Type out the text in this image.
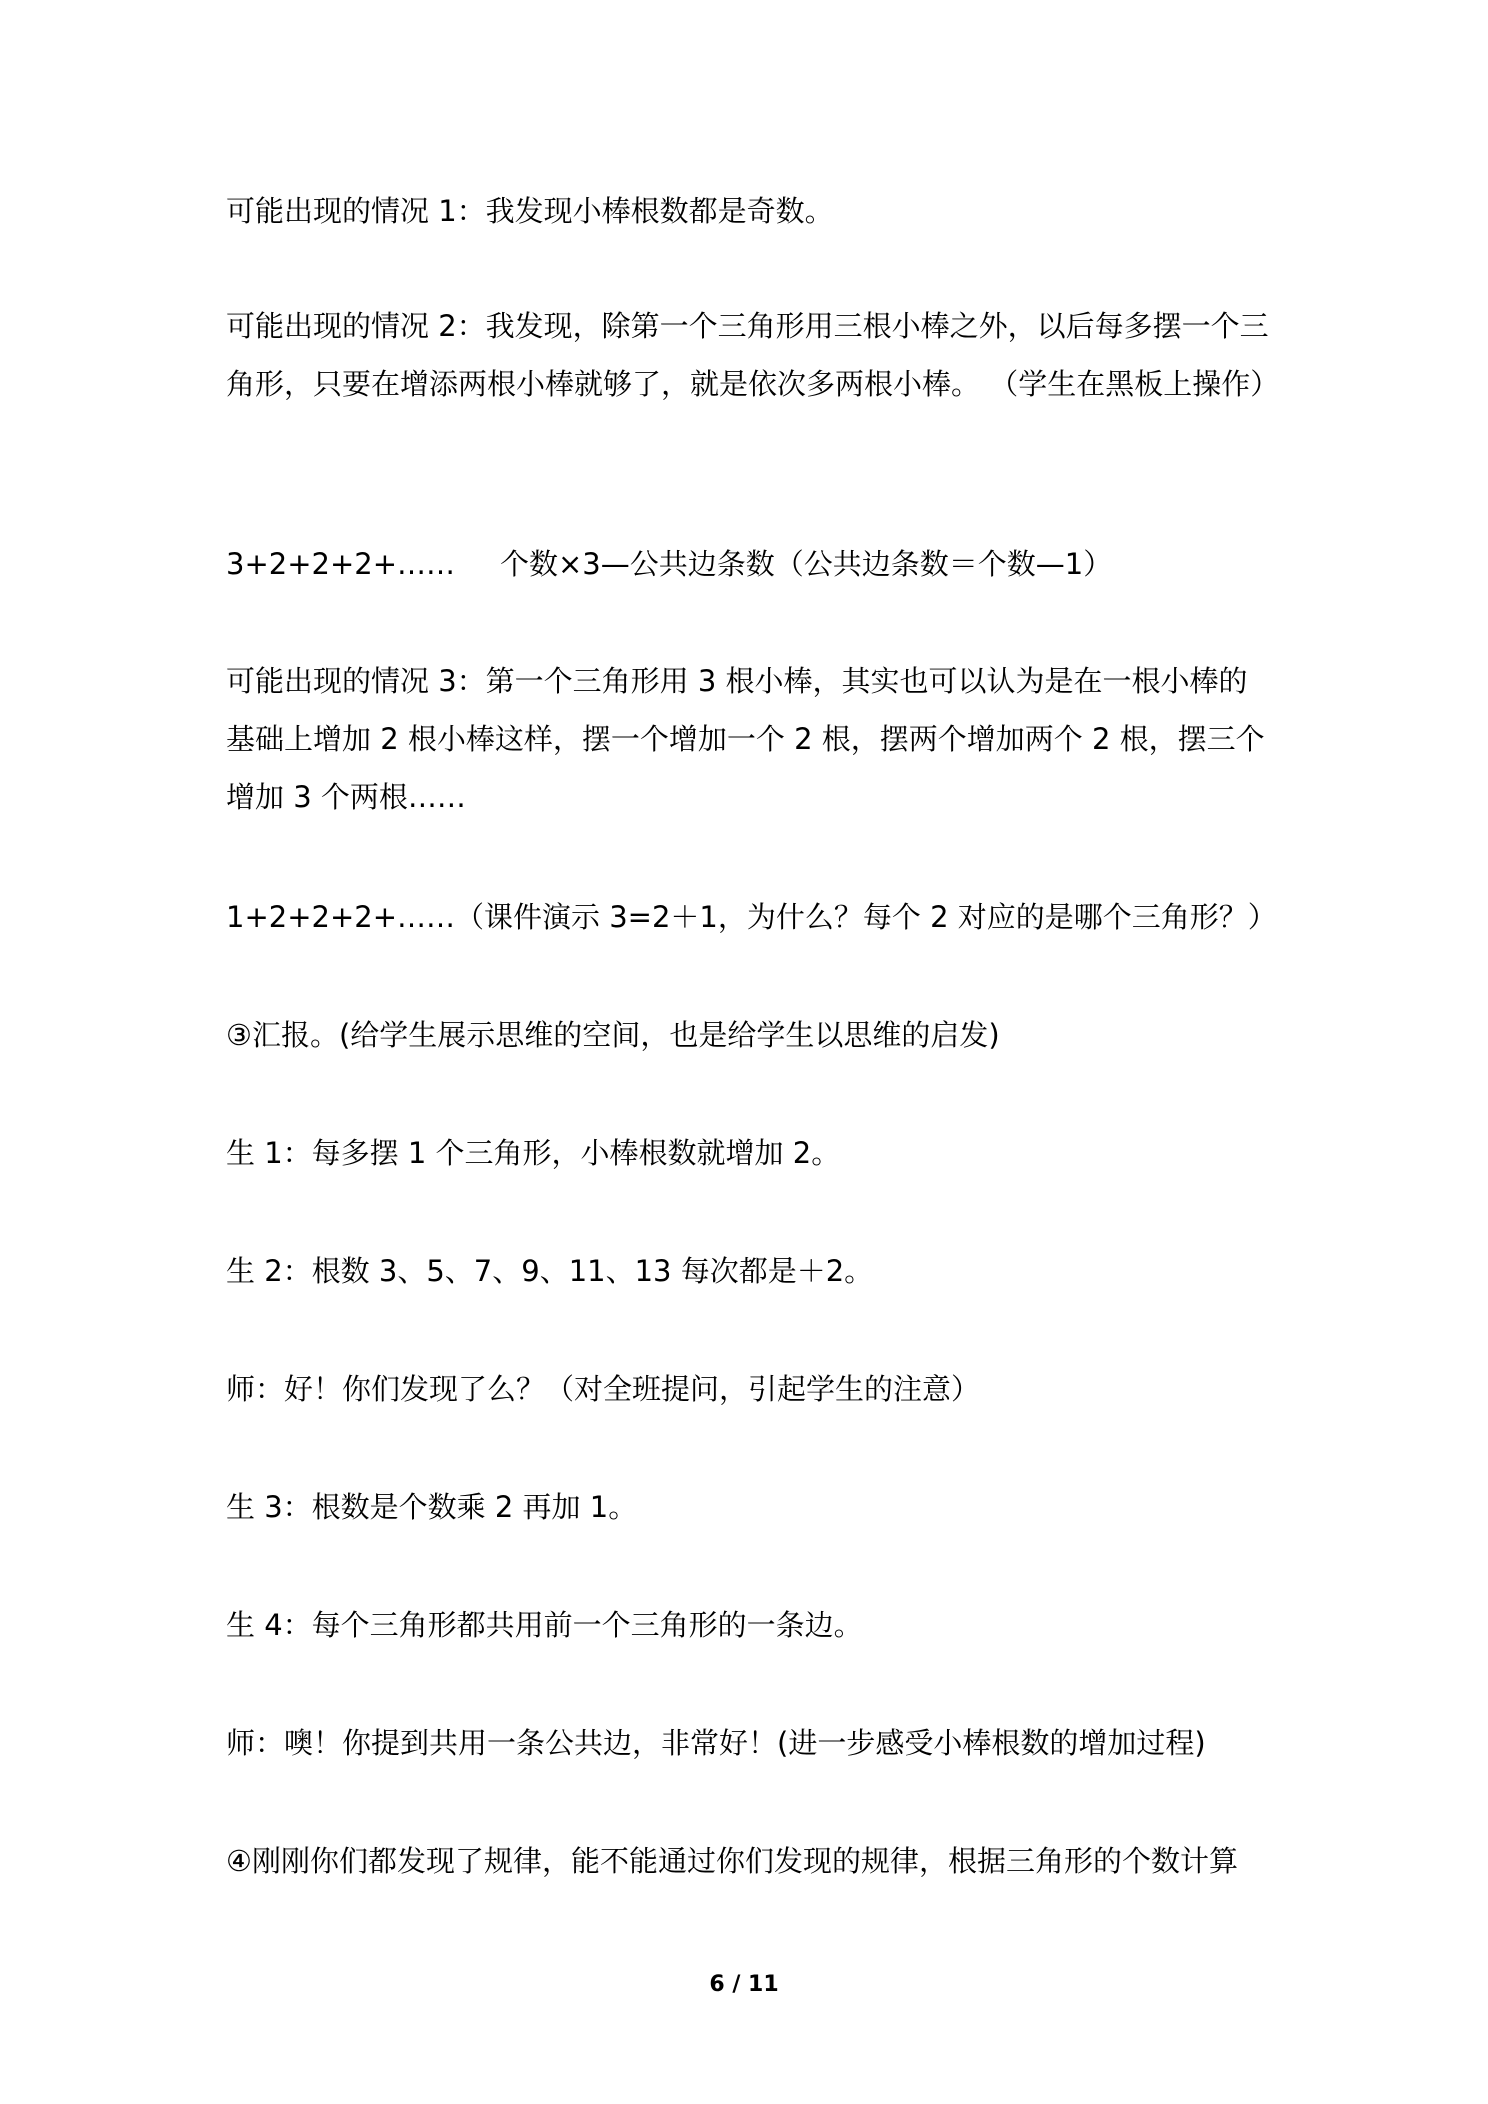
可能出现的情况 1：我发现小棒根数都是奇数。

可能出现的情况 2：我发现，除第一个三角形用三根小棒之外，以后每多摆一个三角形，只要在增添两根小棒就够了，就是依次多两根小棒。 （学生在黑板上操作）

3+2+2+2+…… 个数×3—公共边条数（公共边条数＝个数—1）

可能出现的情况 3：第一个三角形用 3 根小棒，其实也可以认为是在一根小棒的基础上增加 2 根小棒这样，摆一个增加一个 2 根，摆两个增加两个 2 根，摆三个增加 3 个两根……

1+2+2+2+……（课件演示 3=2＋1，为什么？每个 2 对应的是哪个三角形？）

③汇报。(给学生展示思维的空间，也是给学生以思维的启发)

生 1：每多摆 1 个三角形，小棒根数就增加 2。

生 2：根数 3、5、7、9、11、13 每次都是＋2。

师：好！你们发现了么？（对全班提问，引起学生的注意）

生 3：根数是个数乘 2 再加 1。

生 4：每个三角形都共用前一个三角形的一条边。

师：噢！你提到共用一条公共边，非常好！(进一步感受小棒根数的增加过程)

④刚刚你们都发现了规律，能不能通过你们发现的规律，根据三角形的个数计算

6 / 11
